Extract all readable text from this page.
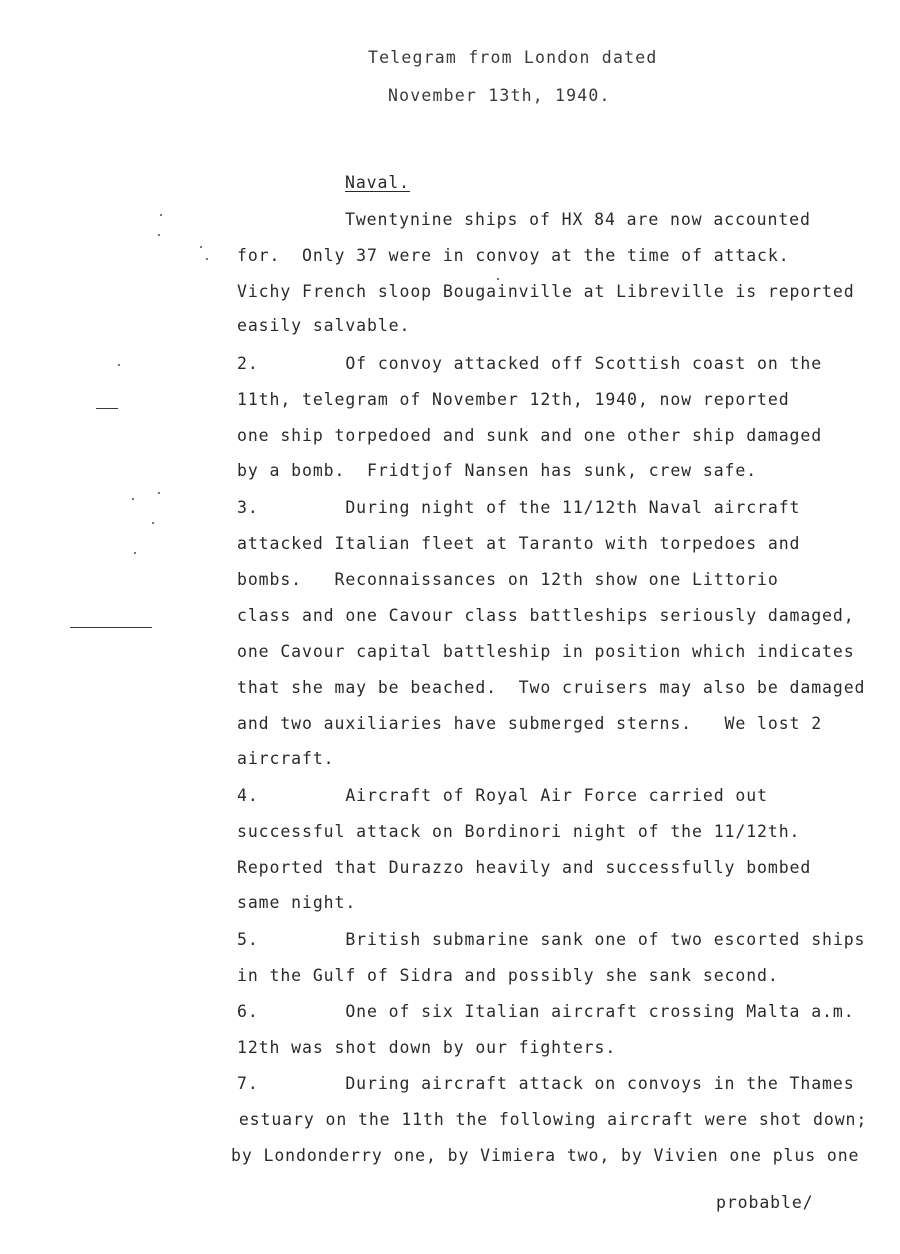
Telegram from London dated
November 13th, 1940.
Naval.
Twentynine ships of HX 84 are now accounted
for.  Only 37 were in convoy at the time of attack.
Vichy French sloop Bougainville at Libreville is reported
easily salvable.
2.        Of convoy attacked off Scottish coast on the
11th, telegram of November 12th, 1940, now reported
one ship torpedoed and sunk and one other ship damaged
by a bomb.  Fridtjof Nansen has sunk, crew safe.
3.        During night of the 11/12th Naval aircraft
attacked Italian fleet at Taranto with torpedoes and
bombs.   Reconnaissances on 12th show one Littorio
class and one Cavour class battleships seriously damaged,
one Cavour capital battleship in position which indicates
that she may be beached.  Two cruisers may also be damaged
and two auxiliaries have submerged sterns.   We lost 2
aircraft.
4.        Aircraft of Royal Air Force carried out
successful attack on Bordinori night of the 11/12th.
Reported that Durazzo heavily and successfully bombed
same night.
5.        British submarine sank one of two escorted ships
in the Gulf of Sidra and possibly she sank second.
6.        One of six Italian aircraft crossing Malta a.m.
12th was shot down by our fighters.
7.        During aircraft attack on convoys in the Thames
estuary on the 11th the following aircraft were shot down;
by Londonderry one, by Vimiera two, by Vivien one plus one
probable/
